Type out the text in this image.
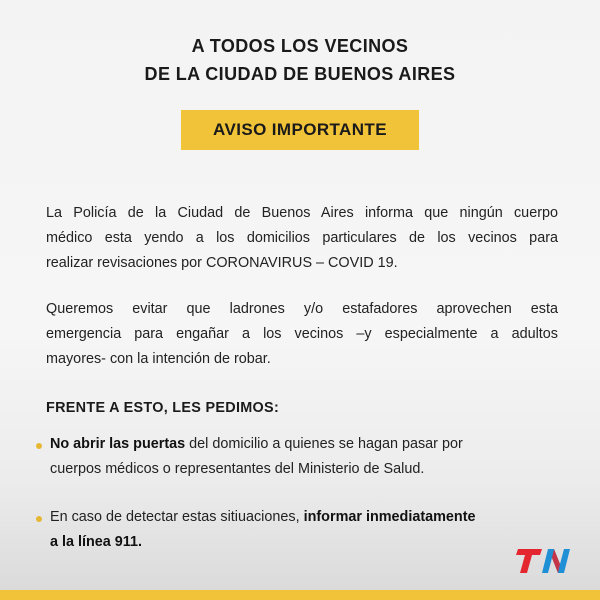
A TODOS LOS VECINOS
DE LA CIUDAD DE BUENOS AIRES
AVISO IMPORTANTE
La Policía de la Ciudad de Buenos Aires informa que ningún cuerpo
médico esta yendo a los domicilios particulares de los vecinos para
realizar revisaciones por CORONAVIRUS – COVID 19.
Queremos evitar que ladrones y/o estafadores aprovechen esta
emergencia para engañar a los vecinos –y especialmente a adultos
mayores- con la intención de robar.
FRENTE A ESTO, LES PEDIMOS:
No abrir las puertas del domicilio a quienes se hagan pasar por
cuerpos médicos o representantes del Ministerio de Salud.
En caso de detectar estas sitiuaciones, informar inmediatamente
a la línea 911.
